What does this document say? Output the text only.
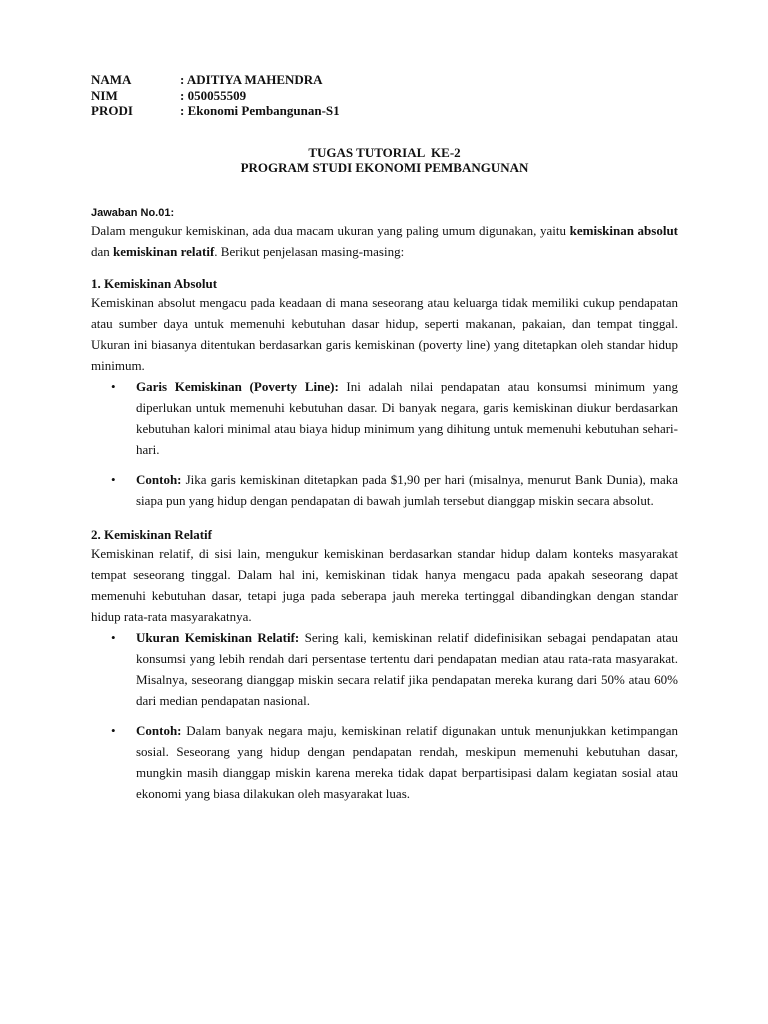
NAMA	: ADITIYA MAHENDRA
NIM	: 050055509
PRODI	: Ekonomi Pembangunan-S1
TUGAS TUTORIAL  KE-2
PROGRAM STUDI EKONOMI PEMBANGUNAN
Jawaban No.01:

Dalam mengukur kemiskinan, ada dua macam ukuran yang paling umum digunakan, yaitu kemiskinan absolut dan kemiskinan relatif. Berikut penjelasan masing-masing:

1. Kemiskinan Absolut

Kemiskinan absolut mengacu pada keadaan di mana seseorang atau keluarga tidak memiliki cukup pendapatan atau sumber daya untuk memenuhi kebutuhan dasar hidup, seperti makanan, pakaian, dan tempat tinggal. Ukuran ini biasanya ditentukan berdasarkan garis kemiskinan (poverty line) yang ditetapkan oleh standar hidup minimum.

• Garis Kemiskinan (Poverty Line): Ini adalah nilai pendapatan atau konsumsi minimum yang diperlukan untuk memenuhi kebutuhan dasar. Di banyak negara, garis kemiskinan diukur berdasarkan kebutuhan kalori minimal atau biaya hidup minimum yang dihitung untuk memenuhi kebutuhan sehari-hari.
• Contoh: Jika garis kemiskinan ditetapkan pada $1,90 per hari (misalnya, menurut Bank Dunia), maka siapa pun yang hidup dengan pendapatan di bawah jumlah tersebut dianggap miskin secara absolut.
2. Kemiskinan Relatif

Kemiskinan relatif, di sisi lain, mengukur kemiskinan berdasarkan standar hidup dalam konteks masyarakat tempat seseorang tinggal. Dalam hal ini, kemiskinan tidak hanya mengacu pada apakah seseorang dapat memenuhi kebutuhan dasar, tetapi juga pada seberapa jauh mereka tertinggal dibandingkan dengan standar hidup rata-rata masyarakatnya.

• Ukuran Kemiskinan Relatif: Sering kali, kemiskinan relatif didefinisikan sebagai pendapatan atau konsumsi yang lebih rendah dari persentase tertentu dari pendapatan median atau rata-rata masyarakat. Misalnya, seseorang dianggap miskin secara relatif jika pendapatan mereka kurang dari 50% atau 60% dari median pendapatan nasional.
• Contoh: Dalam banyak negara maju, kemiskinan relatif digunakan untuk menunjukkan ketimpangan sosial. Seseorang yang hidup dengan pendapatan rendah, meskipun memenuhi kebutuhan dasar, mungkin masih dianggap miskin karena mereka tidak dapat berpartisipasi dalam kegiatan sosial atau ekonomi yang biasa dilakukan oleh masyarakat luas.
